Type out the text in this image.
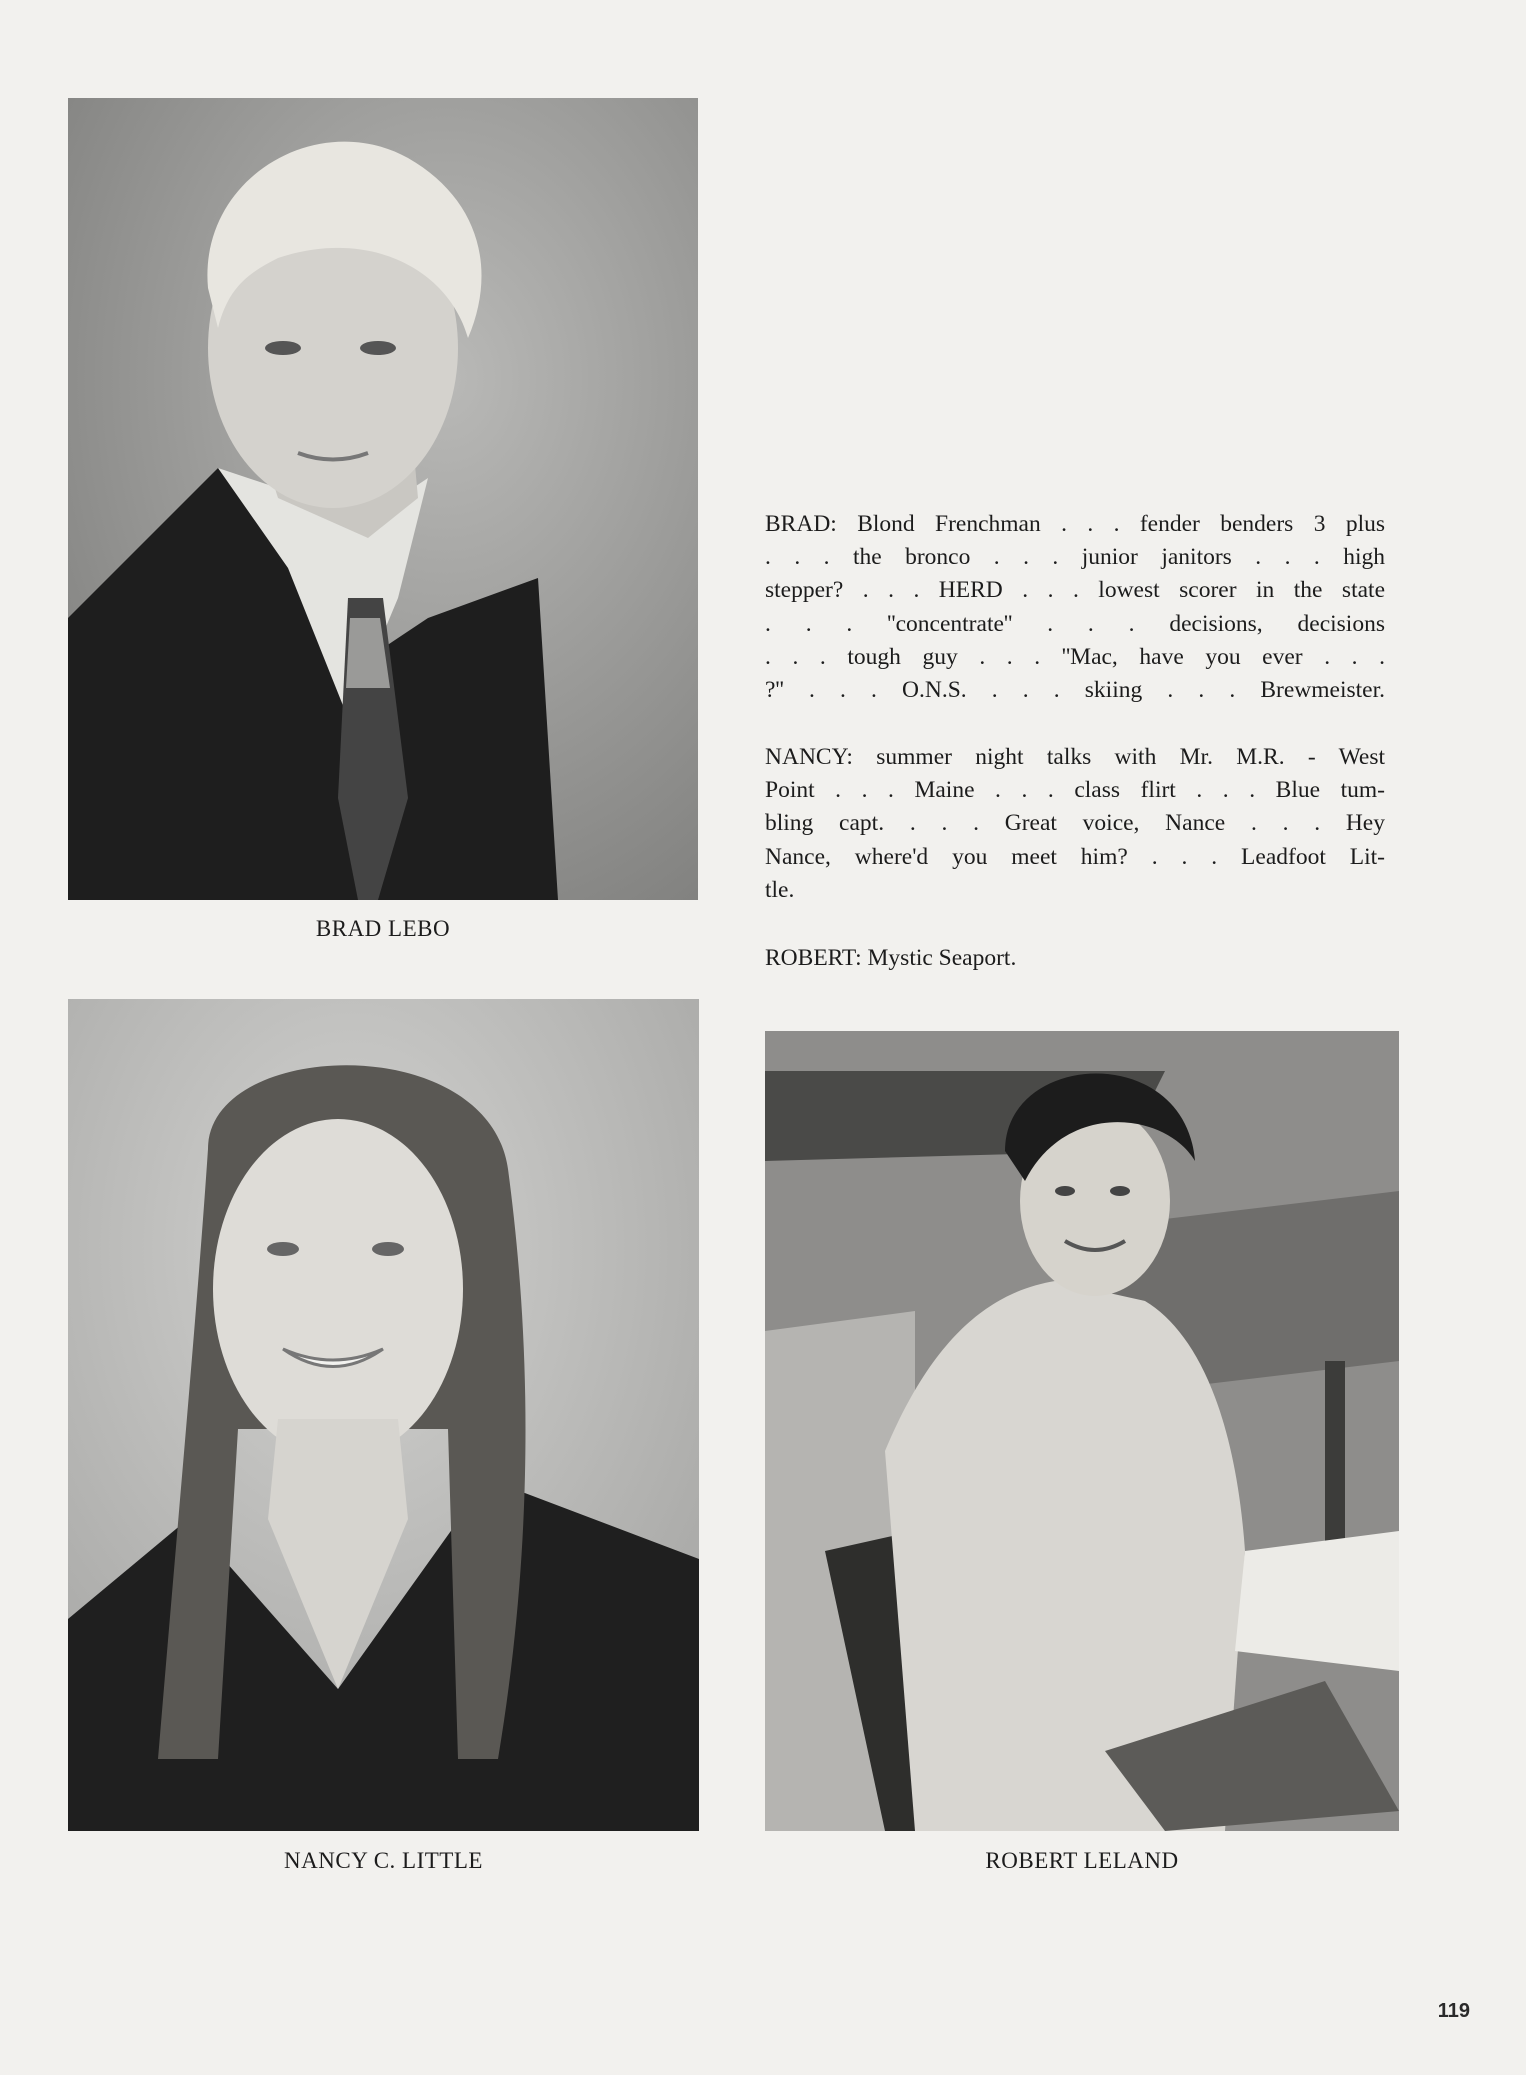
BRAD LEBO
BRAD: Blond Frenchman . . . fender benders 3 plus
. . . the bronco . . . junior janitors . . . high
stepper? . . . HERD . . . lowest scorer in the state
. . . ''concentrate'' . . . decisions, decisions
. . . tough guy . . . ''Mac, have you ever . . .
?'' . . . O.N.S. . . . skiing . . . Brewmeister.
NANCY: summer night talks with Mr. M.R. - West
Point . . . Maine . . . class flirt . . . Blue tum-
bling capt. . . . Great voice, Nance . . . Hey
Nance, where'd you meet him? . . . Leadfoot Lit-
tle.
ROBERT: Mystic Seaport.
NANCY C. LITTLE	ROBERT LELAND
119
